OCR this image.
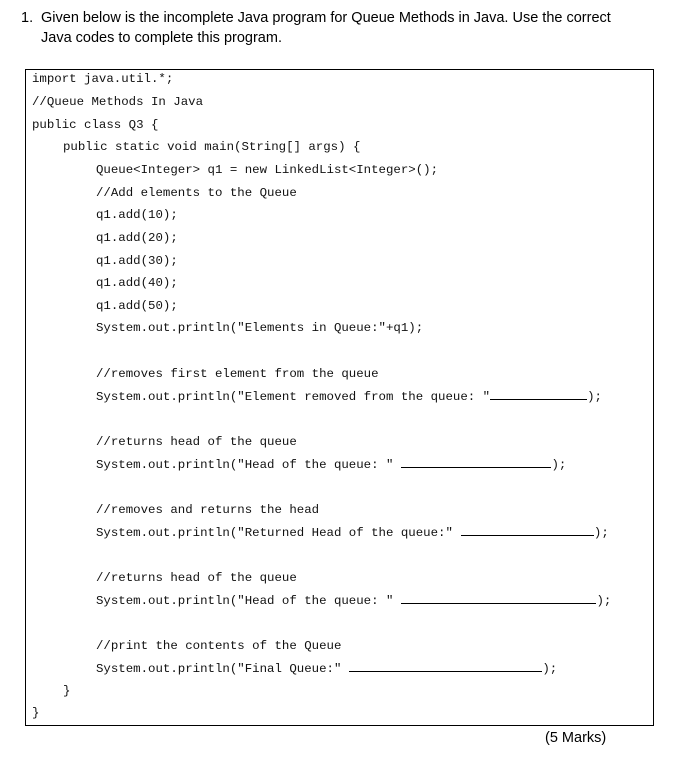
1. Given below is the incomplete Java program for Queue Methods in Java. Use the correct Java codes to complete this program.
import java.util.*;
//Queue Methods In Java
public class Q3 {
public static void main(String[] args) {
Queue<Integer> q1 = new LinkedList<Integer>();
//Add elements to the Queue
q1.add(10);
q1.add(20);
q1.add(30);
q1.add(40);
q1.add(50);
System.out.println("Elements in Queue:"+q1);
//removes first element from the queue
System.out.println("Element removed from the queue: "	);
//returns head of the queue
System.out.println("Head of the queue: "	);
//removes and returns the head
System.out.println("Returned Head of the queue:"	);
//returns head of the queue
System.out.println("Head of the queue: "	);
//print the contents of the Queue
System.out.println("Final Queue:"	);
}
}
(5 Marks)
